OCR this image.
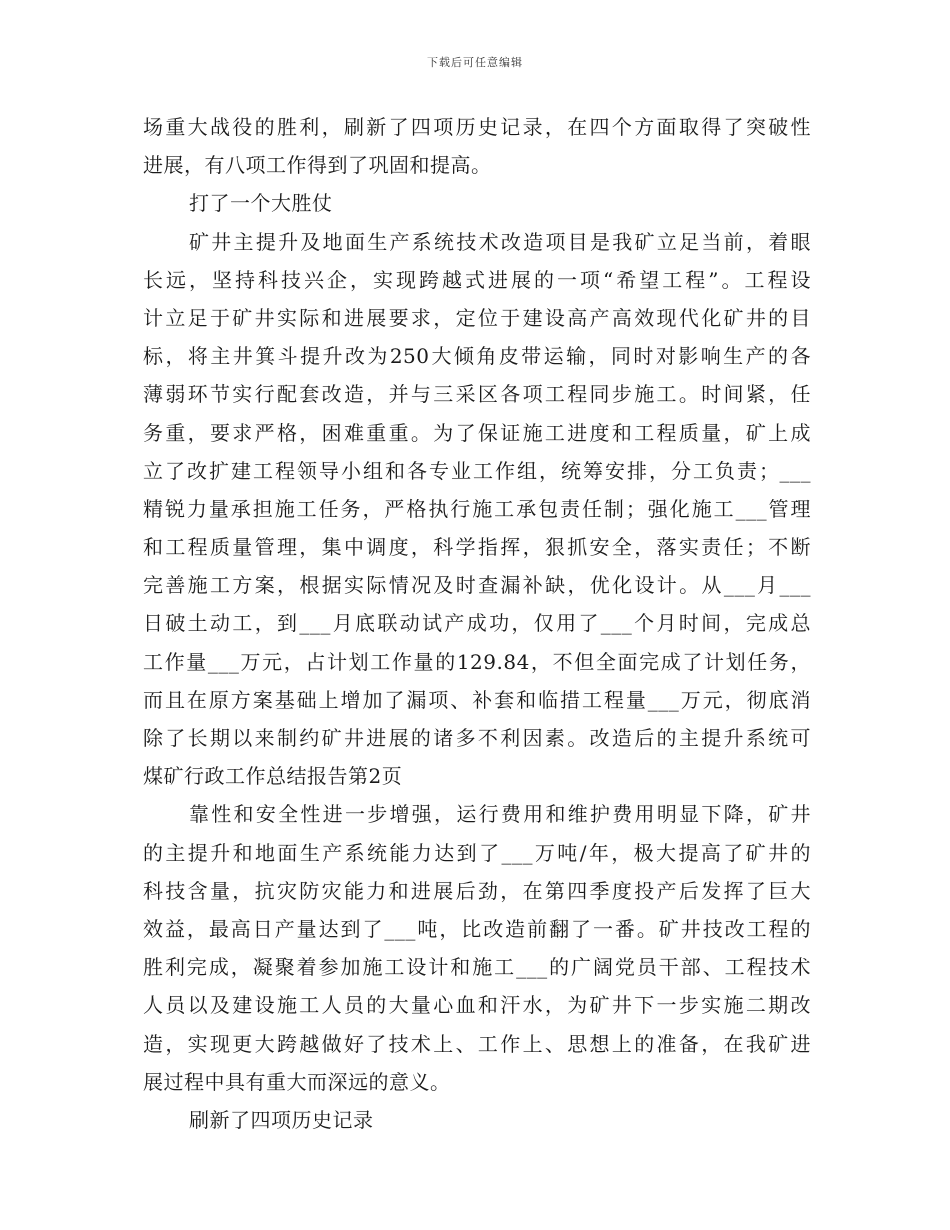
下载后可任意编辑
场重大战役的胜利，刷新了四项历史记录，在四个方面取得了突破性
进展，有八项工作得到了巩固和提高。
打了一个大胜仗
矿井主提升及地面生产系统技术改造项目是我矿立足当前，着眼
长远，坚持科技兴企，实现跨越式进展的一项“希望工程”。工程设
计立足于矿井实际和进展要求，定位于建设高产高效现代化矿井的目
标，将主井箕斗提升改为250大倾角皮带运输，同时对影响生产的各
薄弱环节实行配套改造，并与三采区各项工程同步施工。时间紧，任
务重，要求严格，困难重重。为了保证施工进度和工程质量，矿上成
立了改扩建工程领导小组和各专业工作组，统筹安排，分工负责；___
精锐力量承担施工任务，严格执行施工承包责任制；强化施工___管理
和工程质量管理，集中调度，科学指挥，狠抓安全，落实责任；不断
完善施工方案，根据实际情况及时查漏补缺，优化设计。从___月___
日破土动工，到___月底联动试产成功，仅用了___个月时间，完成总
工作量___万元，占计划工作量的129.84，不但全面完成了计划任务，
而且在原方案基础上增加了漏项、补套和临措工程量___万元，彻底消
除了长期以来制约矿井进展的诸多不利因素。改造后的主提升系统可
煤矿行政工作总结报告第2页
靠性和安全性进一步增强，运行费用和维护费用明显下降，矿井
的主提升和地面生产系统能力达到了___万吨/年，极大提高了矿井的
科技含量，抗灾防灾能力和进展后劲，在第四季度投产后发挥了巨大
效益，最高日产量达到了___吨，比改造前翻了一番。矿井技改工程的
胜利完成，凝聚着参加施工设计和施工___的广阔党员干部、工程技术
人员以及建设施工人员的大量心血和汗水，为矿井下一步实施二期改
造，实现更大跨越做好了技术上、工作上、思想上的准备，在我矿进
展过程中具有重大而深远的意义。
刷新了四项历史记录
